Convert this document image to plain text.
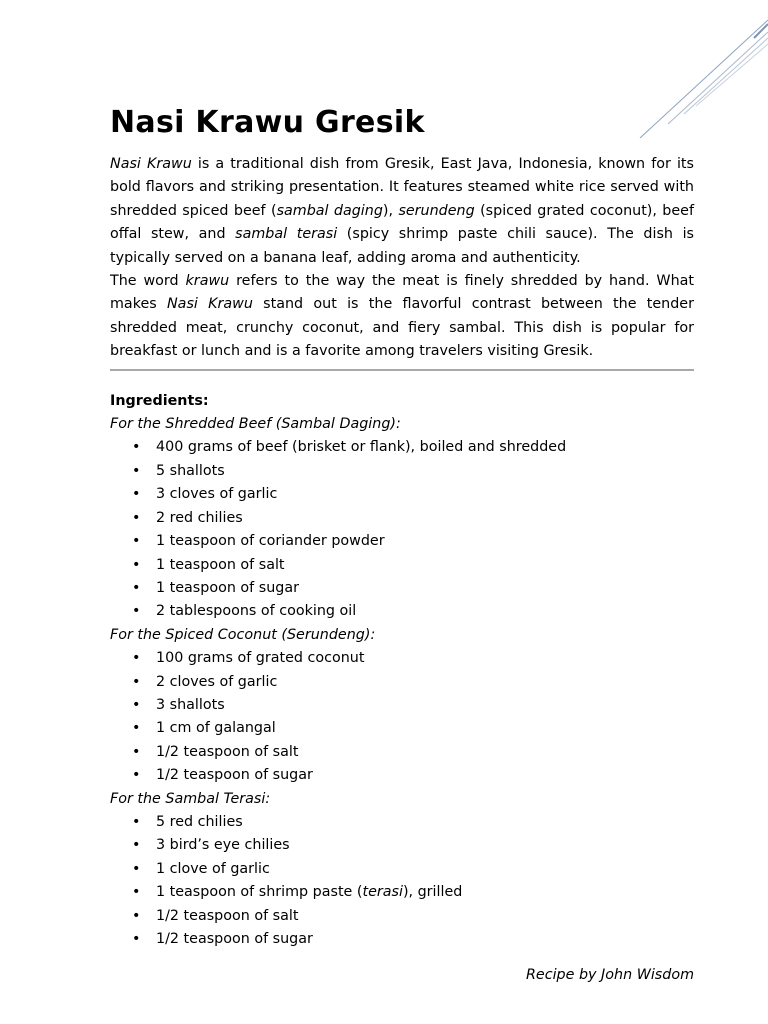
Nasi Krawu Gresik

Nasi Krawu is a traditional dish from Gresik, East Java, Indonesia, known for its bold flavors and striking presentation. It features steamed white rice served with shredded spiced beef (sambal daging), serundeng (spiced grated coconut), beef offal stew, and sambal terasi (spicy shrimp paste chili sauce). The dish is typically served on a banana leaf, adding aroma and authenticity.

The word krawu refers to the way the meat is finely shredded by hand. What makes Nasi Krawu stand out is the flavorful contrast between the tender shredded meat, crunchy coconut, and fiery sambal. This dish is popular for breakfast or lunch and is a favorite among travelers visiting Gresik.

Ingredients:

For the Shredded Beef (Sambal Daging):

• 400 grams of beef (brisket or flank), boiled and shredded
• 5 shallots
• 3 cloves of garlic
• 2 red chilies
• 1 teaspoon of coriander powder
• 1 teaspoon of salt
• 1 teaspoon of sugar
• 2 tablespoons of cooking oil

For the Spiced Coconut (Serundeng):

• 100 grams of grated coconut
• 2 cloves of garlic
• 3 shallots
• 1 cm of galangal
• 1/2 teaspoon of salt
• 1/2 teaspoon of sugar

For the Sambal Terasi:

• 5 red chilies
• 3 bird’s eye chilies
• 1 clove of garlic
• 1 teaspoon of shrimp paste (terasi), grilled
• 1/2 teaspoon of salt
• 1/2 teaspoon of sugar

Recipe by John Wisdom
